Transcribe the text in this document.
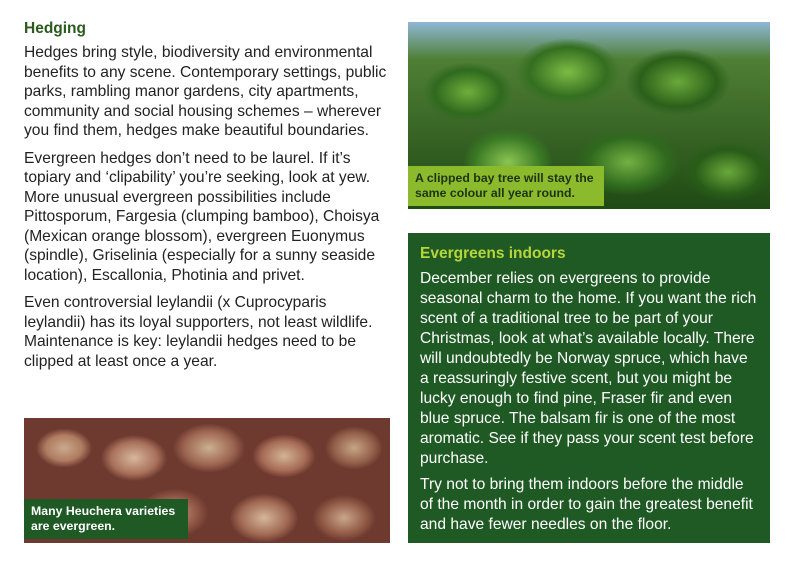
Hedging

Hedges bring style, biodiversity and environmental benefits to any scene. Contemporary settings, public parks, rambling manor gardens, city apartments, community and social housing schemes – wherever you find them, hedges make beautiful boundaries.

Evergreen hedges don’t need to be laurel. If it’s topiary and ‘clipability’ you’re seeking, look at yew. More unusual evergreen possibilities include Pittosporum, Fargesia (clumping bamboo), Choisya (Mexican orange blossom), evergreen Euonymus (spindle), Griselinia (especially for a sunny seaside location), Escallonia, Photinia and privet.

Even controversial leylandii (x Cuprocyparis leylandii) has its loyal supporters, not least wildlife. Maintenance is key: leylandii hedges need to be clipped at least once a year.

Many Heuchera varieties are evergreen.
A clipped bay tree will stay the same colour all year round.
Evergreens indoors

December relies on evergreens to provide seasonal charm to the home. If you want the rich scent of a traditional tree to be part of your Christmas, look at what’s available locally. There will undoubtedly be Norway spruce, which have a reassuringly festive scent, but you might be lucky enough to find pine, Fraser fir and even blue spruce. The balsam fir is one of the most aromatic. See if they pass your scent test before purchase.

Try not to bring them indoors before the middle of the month in order to gain the greatest benefit and have fewer needles on the floor.
